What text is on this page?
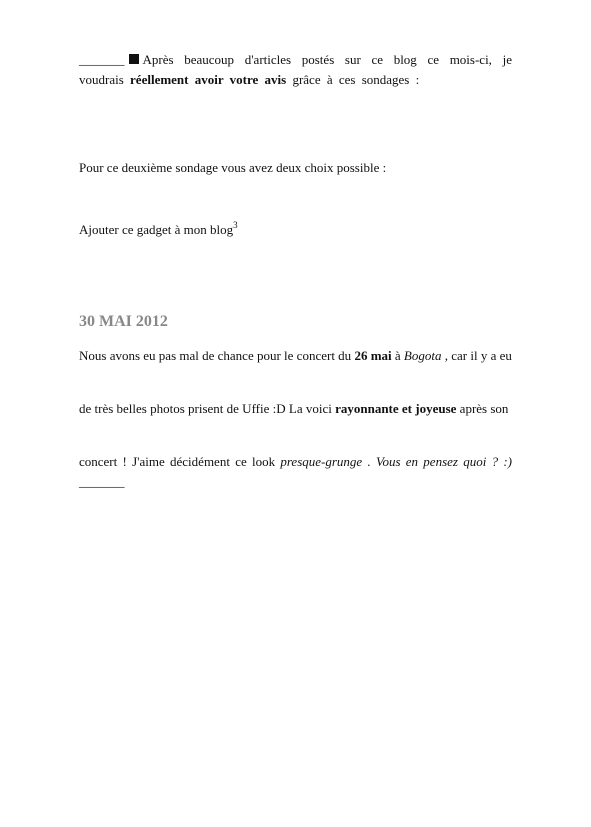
_______ Après beaucoup d'articles postés sur ce blog ce mois-ci, je voudrais réellement avoir votre avis grâce à ces sondages :

Pour ce deuxième sondage vous avez deux choix possible :

Ajouter ce gadget à mon blog$^3$

30 MAI 2012

Nous avons eu pas mal de chance pour le concert du 26 mai à Bogota , car il y a eu

de très belles photos prisent de Uffie :D La voici rayonnante et joyeuse après son

concert ! J'aime décidément ce look presque-grunge . Vous en pensez quoi ? :) _______
